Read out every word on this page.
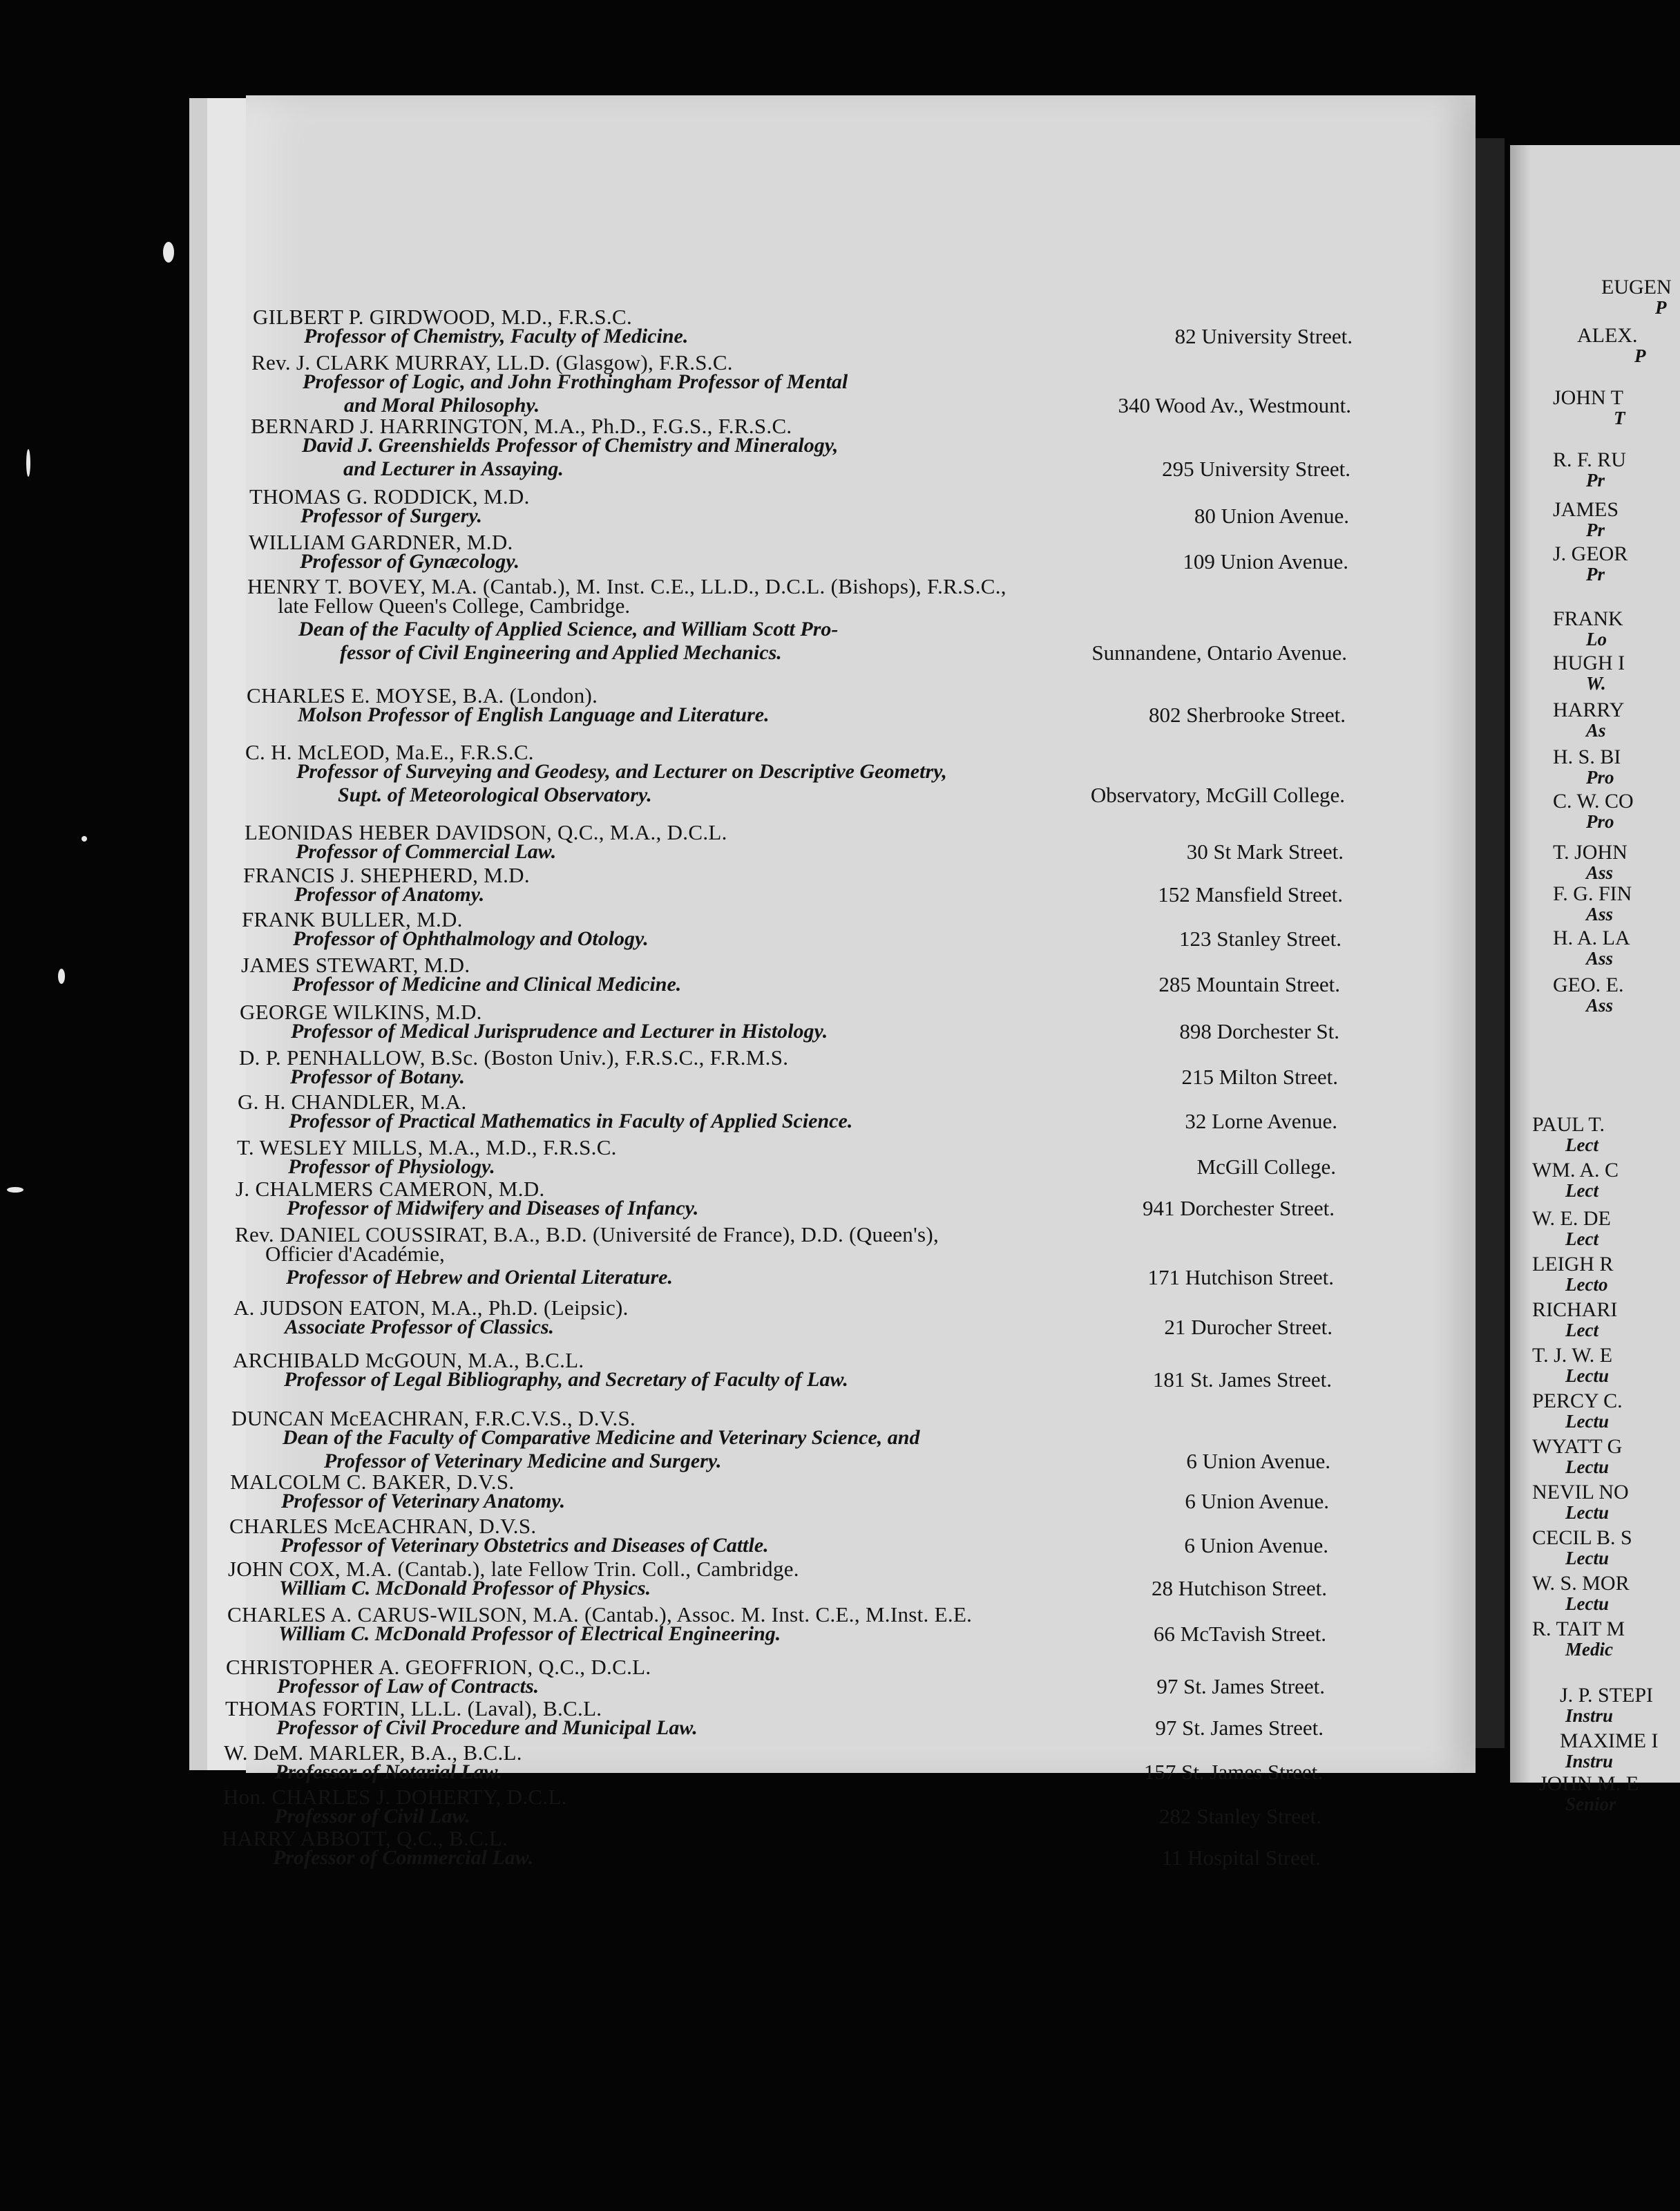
GILBERT P. GIRDWOOD, M.D., F.R.S.C.
Professor of Chemistry, Faculty of Medicine.	82 University Street.
Rev. J. CLARK MURRAY, LL.D. (Glasgow), F.R.S.C.
Professor of Logic, and John Frothingham Professor of Mental
and Moral Philosophy.	340 Wood Av., Westmount.
BERNARD J. HARRINGTON, M.A., Ph.D., F.G.S., F.R.S.C.
David J. Greenshields Professor of Chemistry and Mineralogy,
and Lecturer in Assaying.	295 University Street.
THOMAS G. RODDICK, M.D.
Professor of Surgery.	80 Union Avenue.
WILLIAM GARDNER, M.D.
Professor of Gynæcology.	109 Union Avenue.
HENRY T. BOVEY, M.A. (Cantab.), M. Inst. C.E., LL.D., D.C.L. (Bishops), F.R.S.C.,
late Fellow Queen's College, Cambridge.
Dean of the Faculty of Applied Science, and William Scott Pro-
fessor of Civil Engineering and Applied Mechanics.	Sunnandene, Ontario Avenue.
CHARLES E. MOYSE, B.A. (London).
Molson Professor of English Language and Literature.	802 Sherbrooke Street.
C. H. McLEOD, Ma.E., F.R.S.C.
Professor of Surveying and Geodesy, and Lecturer on Descriptive Geometry,
Supt. of Meteorological Observatory.	Observatory, McGill College.
LEONIDAS HEBER DAVIDSON, Q.C., M.A., D.C.L.
Professor of Commercial Law.	30 St Mark Street.
FRANCIS J. SHEPHERD, M.D.
Professor of Anatomy.	152 Mansfield Street.
FRANK BULLER, M.D.
Professor of Ophthalmology and Otology.	123 Stanley Street.
JAMES STEWART, M.D.
Professor of Medicine and Clinical Medicine.	285 Mountain Street.
GEORGE WILKINS, M.D.
Professor of Medical Jurisprudence and Lecturer in Histology.	898 Dorchester St.
D. P. PENHALLOW, B.Sc. (Boston Univ.), F.R.S.C., F.R.M.S.
Professor of Botany.	215 Milton Street.
G. H. CHANDLER, M.A.
Professor of Practical Mathematics in Faculty of Applied Science.	32 Lorne Avenue.
T. WESLEY MILLS, M.A., M.D., F.R.S.C.
Professor of Physiology.	McGill College.
J. CHALMERS CAMERON, M.D.
Professor of Midwifery and Diseases of Infancy.	941 Dorchester Street.
Rev. DANIEL COUSSIRAT, B.A., B.D. (Université de France), D.D. (Queen's),
Officier d'Académie,
Professor of Hebrew and Oriental Literature.	171 Hutchison Street.
A. JUDSON EATON, M.A., Ph.D. (Leipsic).
Associate Professor of Classics.	21 Durocher Street.
ARCHIBALD McGOUN, M.A., B.C.L.
Professor of Legal Bibliography, and Secretary of Faculty of Law.	181 St. James Street.
DUNCAN McEACHRAN, F.R.C.V.S., D.V.S.
Dean of the Faculty of Comparative Medicine and Veterinary Science, and
Professor of Veterinary Medicine and Surgery.	6 Union Avenue.
MALCOLM C. BAKER, D.V.S.
Professor of Veterinary Anatomy.	6 Union Avenue.
CHARLES McEACHRAN, D.V.S.
Professor of Veterinary Obstetrics and Diseases of Cattle.	6 Union Avenue.
JOHN COX, M.A. (Cantab.), late Fellow Trin. Coll., Cambridge.
William C. McDonald Professor of Physics.	28 Hutchison Street.
CHARLES A. CARUS-WILSON, M.A. (Cantab.), Assoc. M. Inst. C.E., M.Inst. E.E.
William C. McDonald Professor of Electrical Engineering.	66 McTavish Street.
CHRISTOPHER A. GEOFFRION, Q.C., D.C.L.
Professor of Law of Contracts.	97 St. James Street.
THOMAS FORTIN, LL.L. (Laval), B.C.L.
Professor of Civil Procedure and Municipal Law.	97 St. James Street.
W. DeM. MARLER, B.A., B.C.L.
Professor of Notarial Law.	157 St. James Street.
Hon. CHARLES J. DOHERTY, D.C.L.
Professor of Civil Law.	282 Stanley Street.
HARRY ABBOTT, Q.C., B.C.L.
Professor of Commercial Law.	11 Hospital Street.
EUGEN
P
ALEX.
P
JOHN T
T
R. F. RU
Pr
JAMES
Pr
J. GEOR
Pr
FRANK
Lo
HUGH I
W.
HARRY
As
H. S. BI
Pro
C. W. CO
Pro
T. JOHN
Ass
F. G. FIN
Ass
H. A. LA
Ass
GEO. E.
Ass
PAUL T.
Lect
WM. A. C
Lect
W. E. DE
Lect
LEIGH R
Lecto
RICHARI
Lect
T. J. W. E
Lectu
PERCY C.
Lectu
WYATT G
Lectu
NEVIL NO
Lectu
CECIL B. S
Lectu
W. S. MOR
Lectu
R. TAIT M
Medic
J. P. STEPI
Instru
MAXIME I
Instru
JOHN M. E
Senior
